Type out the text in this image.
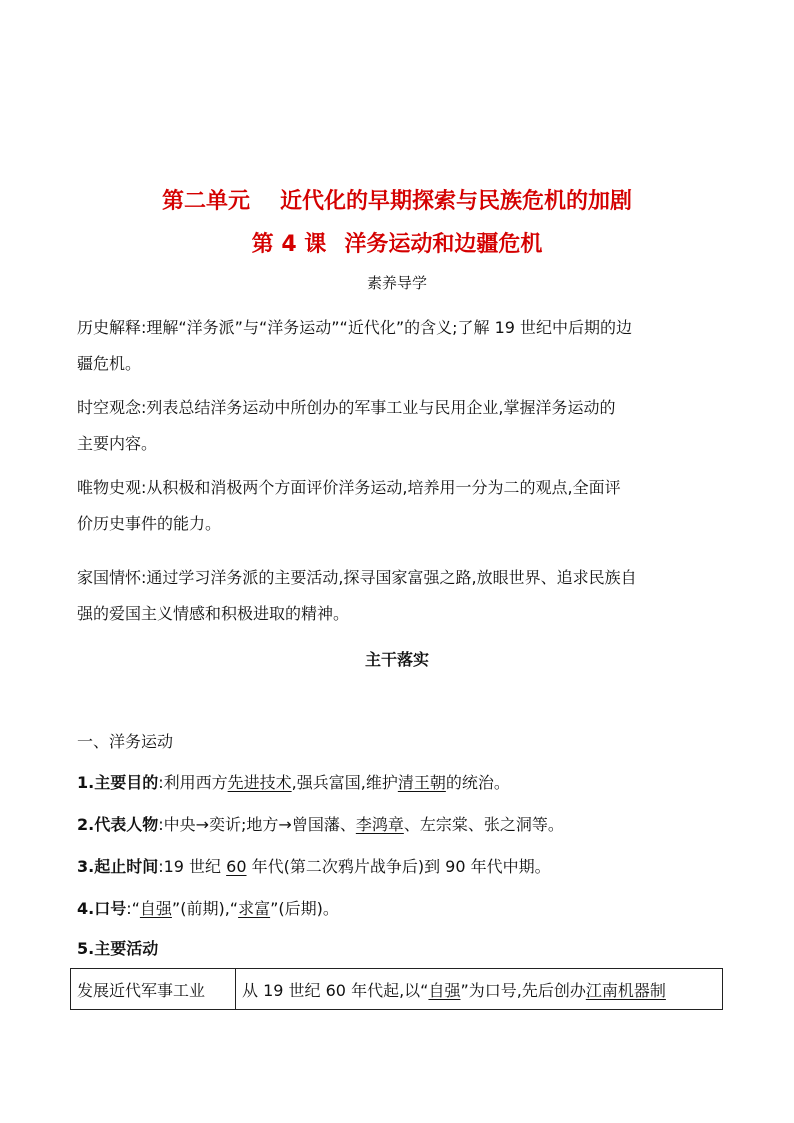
第二单元 近代化的早期探索与民族危机的加剧
第 4 课 洋务运动和边疆危机
素养导学
历史解释:理解“洋务派”与“洋务运动”“近代化”的含义;了解 19 世纪中后期的边
疆危机。
时空观念:列表总结洋务运动中所创办的军事工业与民用企业,掌握洋务运动的
主要内容。
唯物史观:从积极和消极两个方面评价洋务运动,培养用一分为二的观点,全面评
价历史事件的能力。
家国情怀:通过学习洋务派的主要活动,探寻国家富强之路,放眼世界、追求民族自
强的爱国主义情感和积极进取的精神。
主干落实
一、洋务运动
1.主要目的:利用西方先进技术,强兵富国,维护清王朝的统治。
2.代表人物:中央→奕䜣;地方→曾国藩、李鸿章、左宗棠、张之洞等。
3.起止时间:19 世纪 60 年代(第二次鸦片战争后)到 90 年代中期。
4.口号:“自强”(前期),“求富”(后期)。
5.主要活动
发展近代军事工业	从 19 世纪 60 年代起,以“自强”为口号,先后创办江南机器制
